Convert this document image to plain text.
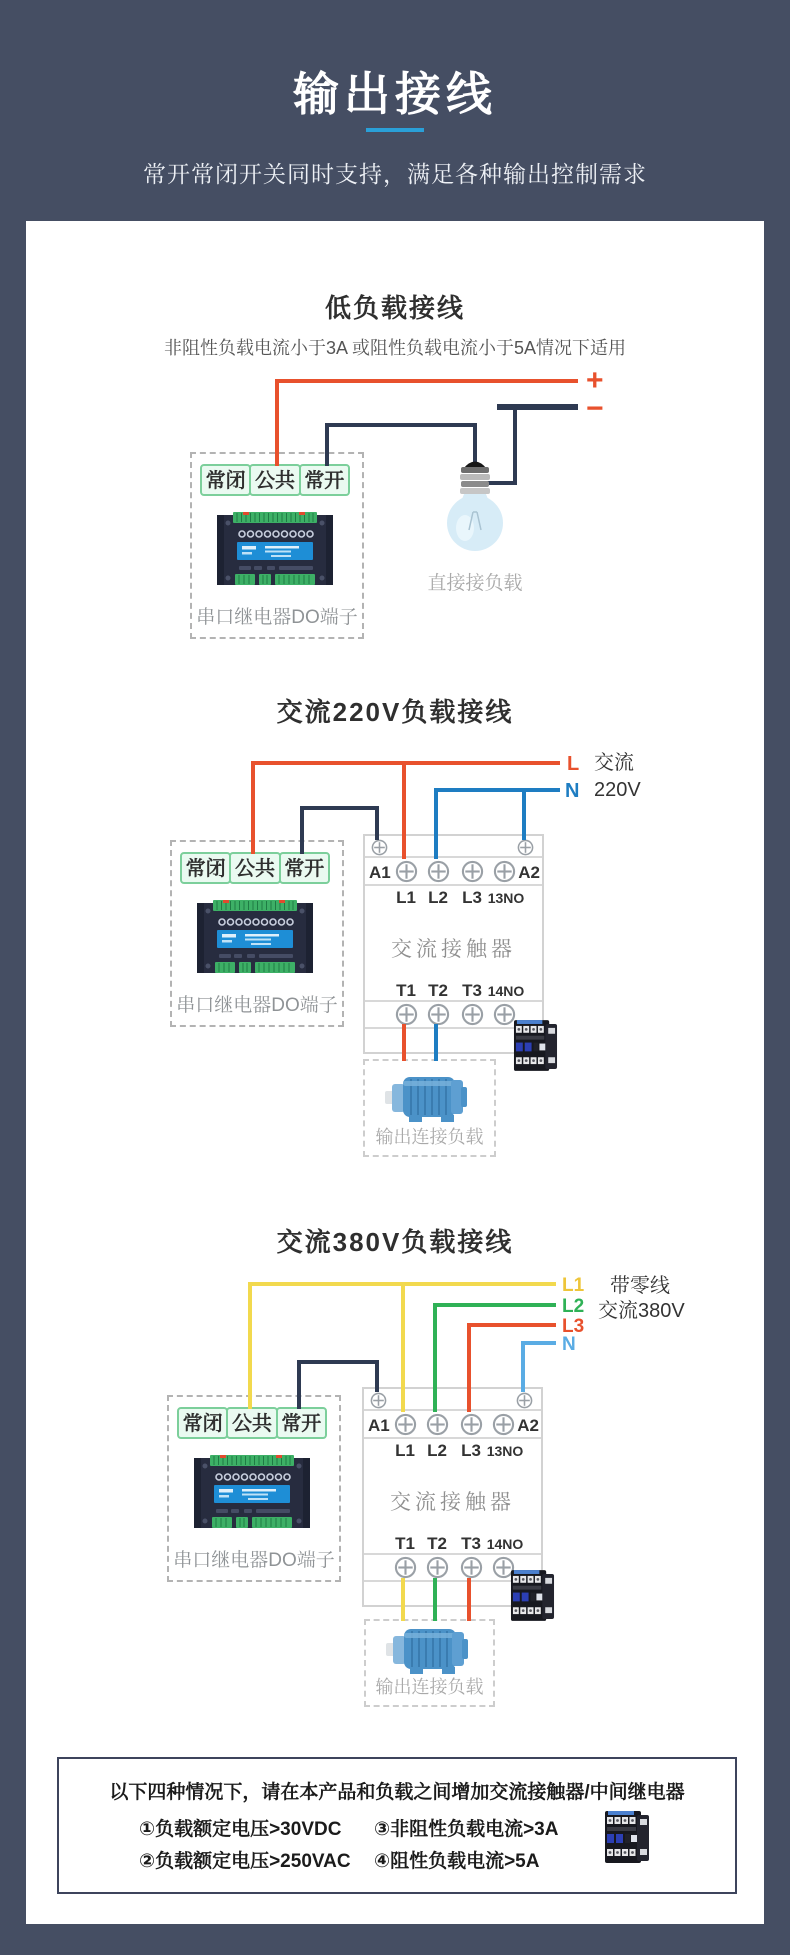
输出接线
常开常闭开关同时支持，满足各种输出控制需求
低负载接线
非阻性负载电流小于3A 或阻性负载电流小于5A情况下适用
交流220V负载接线
交流380V负载接线
常闭 公共 常开
串口继电器DO端子
常闭 公共 常开
串口继电器DO端子
常闭 公共 常开
串口继电器DO端子
A1	A2
L1 L2 L3 13NO
交流接触器
T1 T2 T3 14NO
A1	A2
L1 L2 L3 13NO
交流接触器
T1 T2 T3 14NO
输出连接负载
输出连接负载
直接接负载
+
−
L 交流
N 220V
L1
L2
L3
N
带零线
交流380V
以下四种情况下，请在本产品和负载之间增加交流接触器/中间继电器
①负载额定电压>30VDC
②负载额定电压>250VAC
③非阻性负载电流>3A
④阻性负载电流>5A
